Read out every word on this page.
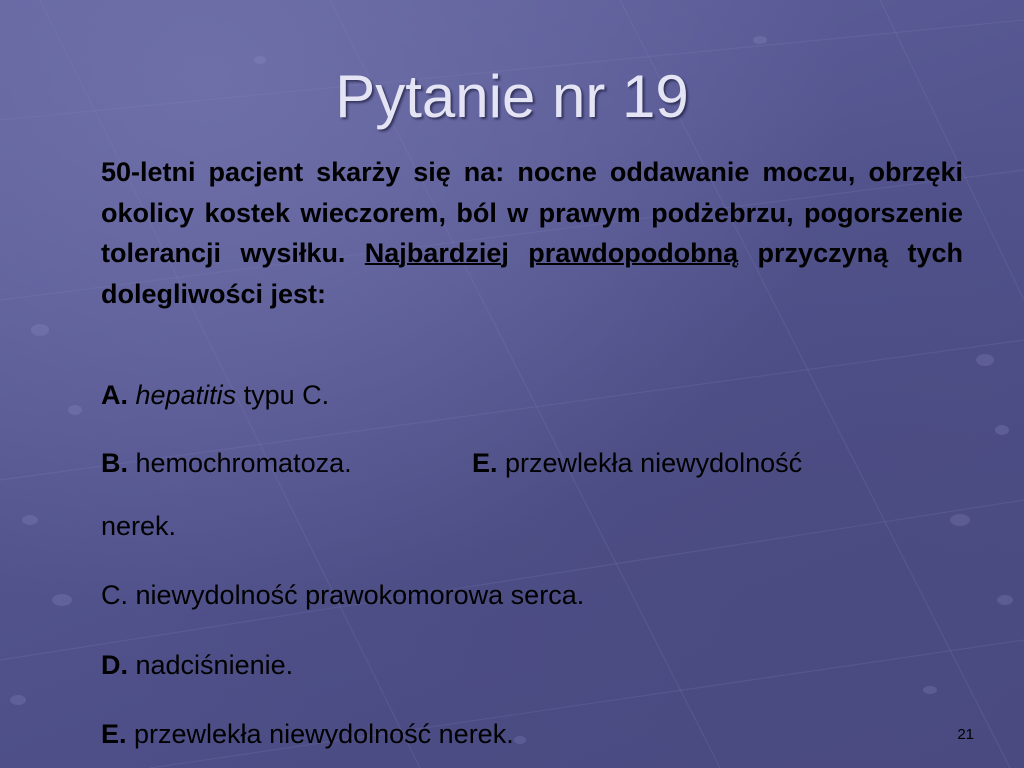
Pytanie nr 19
50-letni pacjent skarży się na: nocne oddawanie moczu, obrzęki okolicy kostek wieczorem, ból w prawym podżebrzu, pogorszenie tolerancji wysiłku. Najbardziej prawdopodobną przyczyną tych dolegliwości jest:
A. hepatitis typu C.
B. hemochromatoza.	E. przewlekła niewydolność
nerek.
C. niewydolność prawokomorowa serca.
D. nadciśnienie.
E. przewlekła niewydolność nerek.	21
